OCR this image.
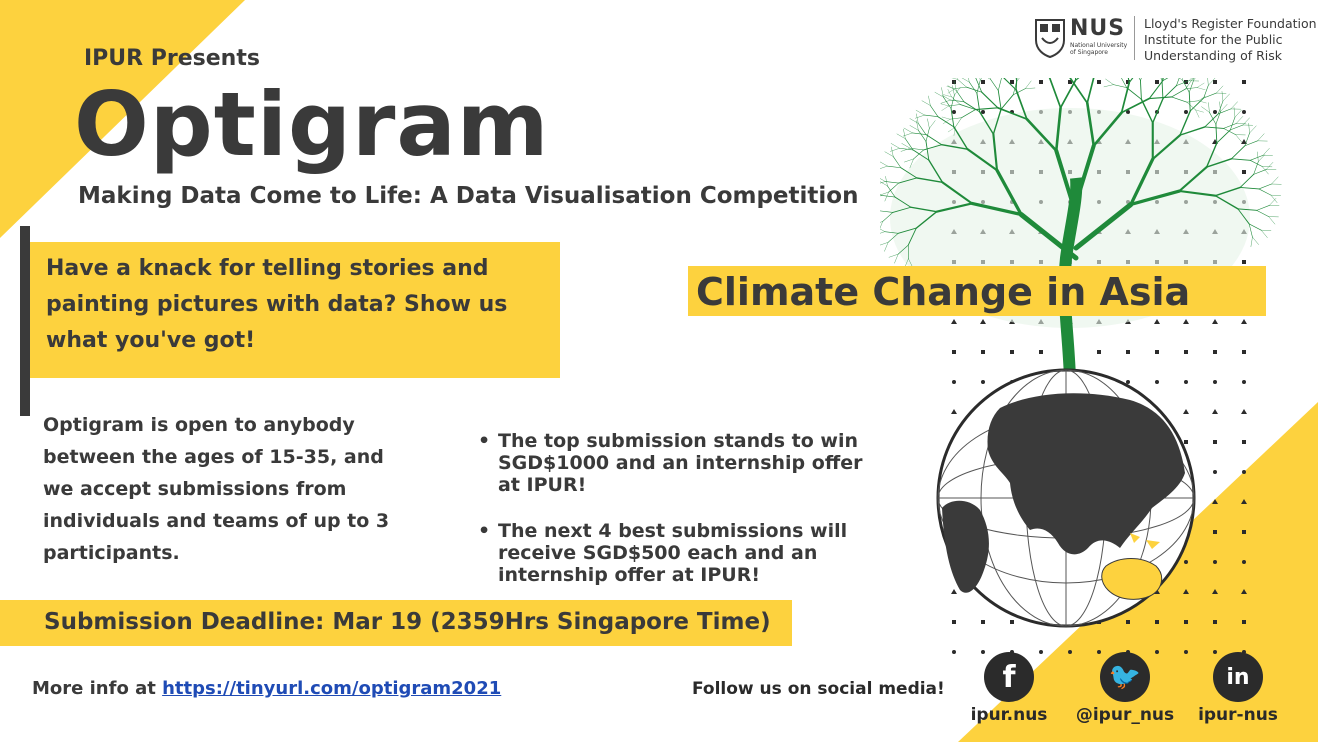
IPUR Presents
Optigram
Making Data Come to Life: A Data Visualisation Competition
NUS
National University
of Singapore
Lloyd's Register Foundation
Institute for the Public
Understanding of Risk
Have a knack for telling stories and
painting pictures with data? Show us
what you've got!
Climate Change in Asia
Optigram is open to anybody
between the ages of 15-35, and
we accept submissions from
individuals and teams of up to 3
participants.
• The top submission stands to win
SGD$1000 and an internship offer
at IPUR!
• The next 4 best submissions will
receive SGD$500 each and an
internship offer at IPUR!
Submission Deadline: Mar 19 (2359Hrs Singapore Time)
More info at https://tinyurl.com/optigram2021	Follow us on social media!	f	🐦	in
ipur.nus	@ipur_nus	ipur-nus
